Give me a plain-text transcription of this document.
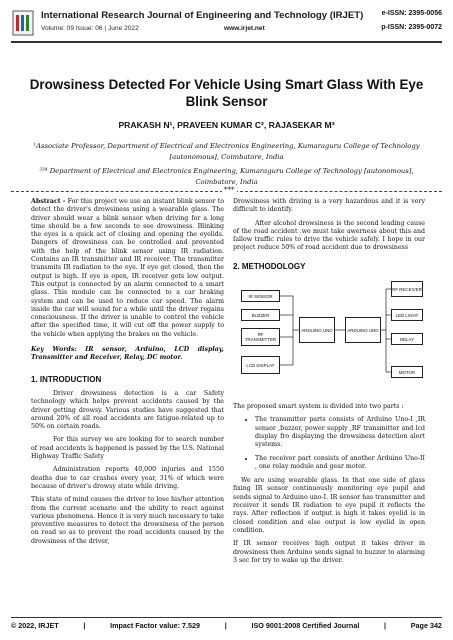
International Research Journal of Engineering and Technology (IRJET)
Volume: 09 Issue: 06 | June 2022	www.irjet.net
e-ISSN: 2395-0056
p-ISSN: 2395-0072
Drowsiness Detected For Vehicle Using Smart Glass With Eye Blink Sensor
PRAKASH N¹, PRAVEEN KUMAR C², RAJASEKAR M³
¹Associate Professor, Department of Electrical and Electronics Engineering, Kumaraguru College of Technology [autonomous], Coimbatore, India
²³⁴ Department of Electrical and Electronics Engineering, Kumaraguru College of Technology [autonomous], Coimbatore, India

Abstract - For this project we use an instant blink sensor to detect the driver's drowsiness using a wearable glass. The driver should wear a blink sensor when driving for a long time should be a few seconds to see drowsiness. Blinking the eyes is a quick act of closing and opening the eyelids. Dangers of drowsiness can be controlled and prevented with the help of the blink sensor using IR radiation. Contains an IR transmitter and IR receiver. The transmitter transmits IR radiation to the eye. If eye get closed, then the output is high. If eye is open, IR receiver gets low output. This output is connected by an alarm connected to a smart glass. This module can be connected to a car braking system and can be used to reduce car speed. The alarm inside the car will sound for a while until the driver regains consciousness. If the driver is unable to control the vehicle after the specified time, it will cut off the power supply to the vehicle when applying the brakes on the vehicle.

Key Words: IR sensor, Arduino, LCD display, Transmitter and Receiver, Relay, DC motor.

1. INTRODUCTION

Driver drowsiness detection is a car Safety technology which helps prevent accidents caused by the driver getting drowsy. Various studies have suggested that around 20% of all road accidents are fatigue-related up to 50% on certain roads.

For this survey we are looking for to search number of road accidents is happened is passed by the U.S. National Highway Traffic Safety

Administration reports 40,000 injuries and 1550 deaths due to car crashes every year, 31% of which were because of driver's drowsy state while driving.

This state of mind causes the driver to lose his/her attention from the current scenario and the ability to react against various phenomena. Hence it is very much necessary to take preventive measures to detect the drowsiness of the person on road so as to prevent the road accidents caused by the drowsiness of the driver,

Drowsiness with driving is a very hazardous and it is very difficult to identify.

After alcohol drowsiness is the second leading cause of the road accident .we must take awerness about this and fallow traffic rules to drive the vehicle safely. I hope in our project reduce 50% of road accident due to drowsiness

2. METHODOLOGY
IR SENSOR
BUZZER
RF TRANSMITTER
LCD DISPLAY
ARDUINO UNO	ARDUINO UNO
RF RECEIVER
LED LIGHT
RELAY
MOTOR

The proposed smart system is divided into two parts :

• The transmitter parts consists of Arduino Uno-I ,IR sensor ,buzzer, power supply ,RF transmitter and lcd display fro displaying the drowsiness detection alert systems.
• The receiver part consists of another Arduino Uno-II , one relay module and gear motor.

We are using wearable glass. In that one side of glass fixing IR sensor continuously monitoring eye pupil and sends signal to Arduino uno-I. IR sensor has transmitter and receiver it sends IR radiation to eye pupil it reflects the rays. After reflection if output is high it takes eyelid is in closed condition and else output is low eyelid in open condition.

If IR sensor receives high output it takes driver in drowsiness then Arduino sends signal to buzzer to alarming 3 sec for try to wake up the driver.

© 2022, IRJET	|	Impact Factor value: 7.529	|	ISO 9001:2008 Certified Journal	|	Page 342
***
